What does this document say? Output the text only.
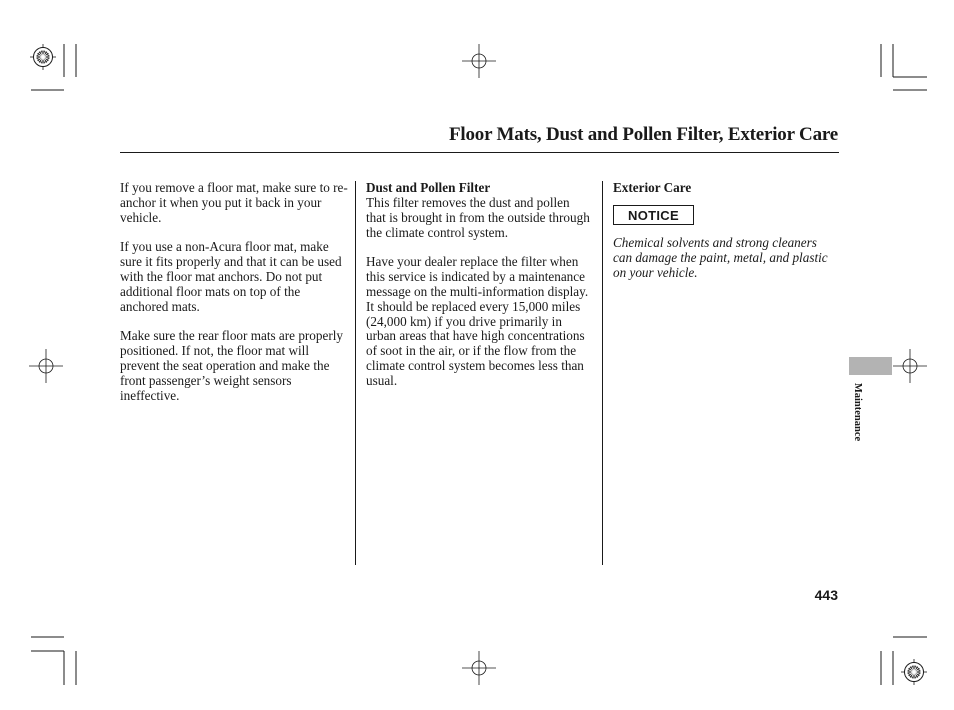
Floor Mats, Dust and Pollen Filter, Exterior Care

If you remove a floor mat, make sure to re-anchor it when you put it back in your vehicle.

If you use a non-Acura floor mat, make sure it fits properly and that it can be used with the floor mat anchors. Do not put additional floor mats on top of the anchored mats.

Make sure the rear floor mats are properly positioned. If not, the floor mat will prevent the seat operation and make the front passenger’s weight sensors ineffective.

Dust and Pollen Filter
This filter removes the dust and pollen that is brought in from the outside through the climate control system.

Have your dealer replace the filter when this service is indicated by a maintenance message on the multi-information display. It should be replaced every 15,000 miles (24,000 km) if you drive primarily in urban areas that have high concentrations of soot in the air, or if the flow from the climate control system becomes less than usual.

Exterior Care
NOTICE

Chemical solvents and strong cleaners can damage the paint, metal, and plastic on your vehicle.

Maintenance
443
